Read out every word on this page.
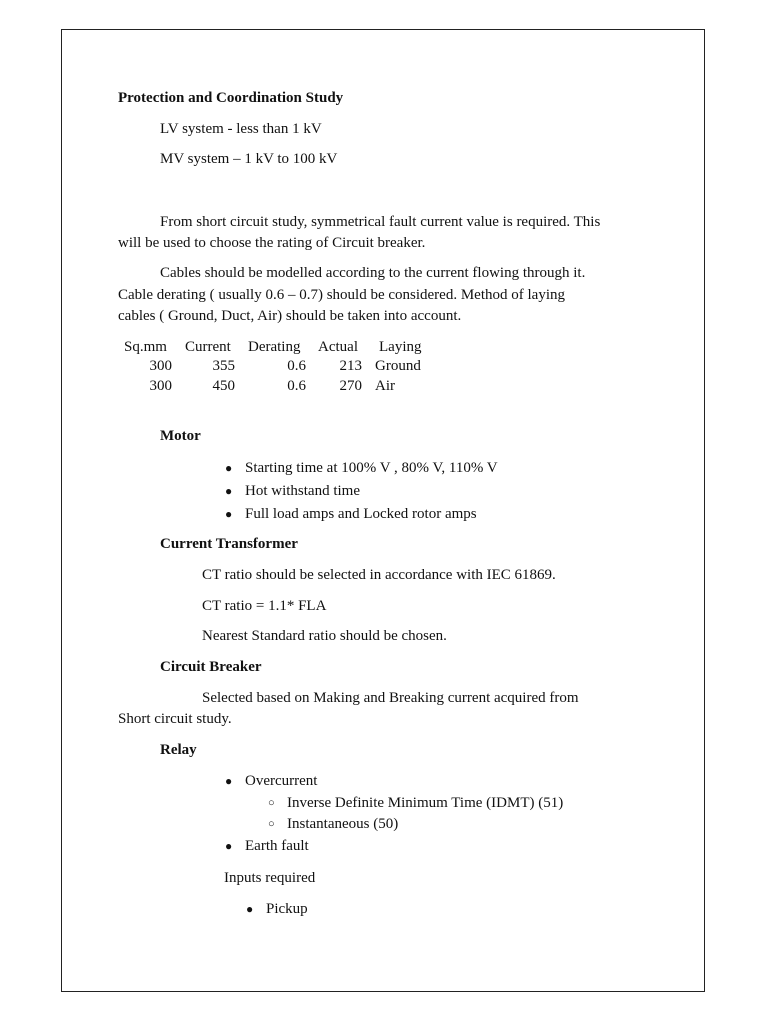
Protection and Coordination Study
LV system - less than 1 kV
MV system – 1 kV to 100 kV
From short circuit study, symmetrical fault current value is required. This
will be used to choose the rating of Circuit breaker.
Cables should be modelled according to the current flowing through it.
Cable derating ( usually 0.6 – 0.7) should be considered. Method of laying
cables ( Ground, Duct, Air) should be taken into account.
Sq.mm Current Derating Actual Laying
300	355	0.6	213 Ground
300	450	0.6	270 Air
Motor
● Starting time at 100% V , 80% V, 110% V
● Hot withstand time
● Full load amps and Locked rotor amps
Current Transformer
CT ratio should be selected in accordance with IEC 61869.
CT ratio = 1.1* FLA
Nearest Standard ratio should be chosen.
Circuit Breaker
Selected based on Making and Breaking current acquired from
Short circuit study.
Relay
● Overcurrent
○ Inverse Definite Minimum Time (IDMT) (51)
○ Instantaneous (50)
● Earth fault
Inputs required
● Pickup
